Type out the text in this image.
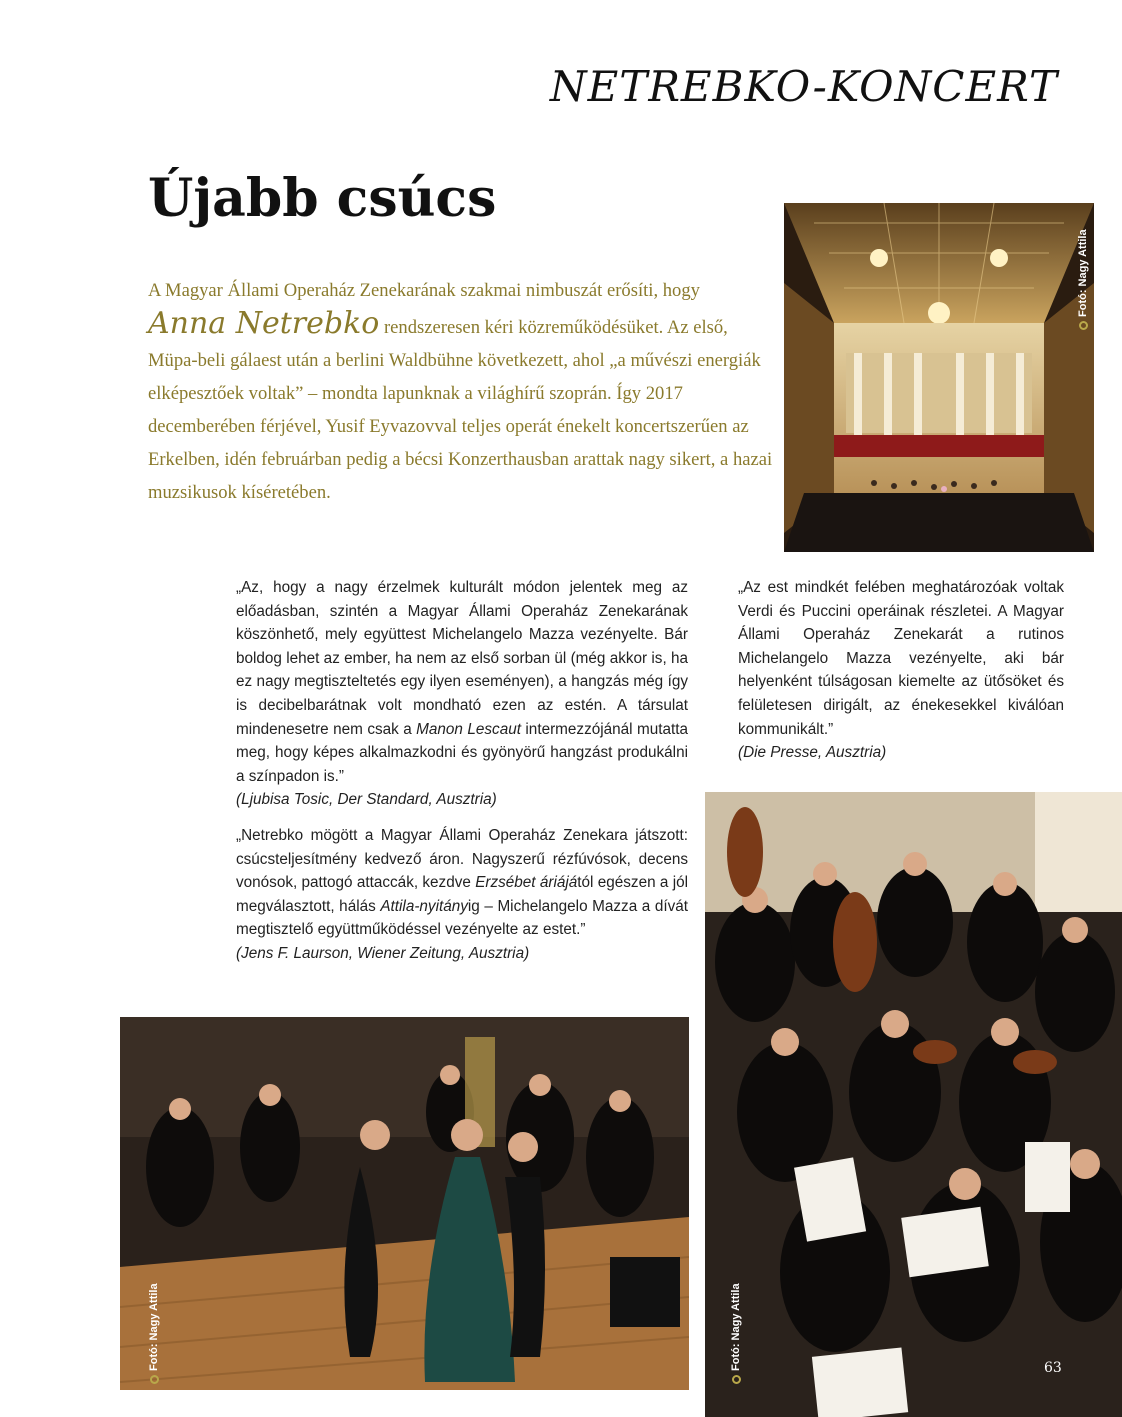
NETREBKO-KONCERT
Újabb csúcs

A Magyar Állami Operaház Zenekarának szakmai nimbuszát erősíti, hogy Anna Netrebko rendszeresen kéri közreműködésüket. Az első, Müpa-beli gálaest után a berlini Waldbühne következett, ahol „a művészi energiák elképesztőek voltak” – mondta lapunknak a világhírű szoprán. Így 2017 decemberében férjével, Yusif Eyvazovval teljes operát énekelt koncertszerűen az Erkelben, idén februárban pedig a bécsi Konzerthausban arattak nagy sikert, a hazai muzsikusok kíséretében.

„Az, hogy a nagy érzelmek kulturált módon jelentek meg az előadásban, szintén a Magyar Állami Operaház Zenekarának köszönhető, mely együttest Michelangelo Mazza vezényelte. Bár boldog lehet az ember, ha nem az első sorban ül (még akkor is, ha ez nagy megtiszteltetés egy ilyen eseményen), a hangzás még így is decibelbarátnak volt mondható ezen az estén. A társulat mindenesetre nem csak a Manon Lescaut intermezzójánál mutatta meg, hogy képes alkalmazkodni és gyönyörű hangzást produkálni a színpadon is.”
(Ljubisa Tosic, Der Standard, Ausztria)
„Netrebko mögött a Magyar Állami Operaház Zenekara játszott: csúcsteljesítmény kedvező áron. Nagyszerű rézfúvósok, decens vonósok, pattogó attaccák, kezdve Erzsébet áriájától egészen a jól megválasztott, hálás Attila-nyitányig – Michelangelo Mazza a dívát megtisztelő együttműködéssel vezényelte az estet.”
(Jens F. Laurson, Wiener Zeitung, Ausztria)
„Az est mindkét felében meghatározóak voltak Verdi és Puccini operáinak részletei. A Magyar Állami Operaház Zenekarát a rutinos Michelangelo Mazza vezényelte, aki bár helyenként túlságosan kiemelte az ütősöket és felületesen dirigált, az énekesekkel kiválóan kommunikált.”
(Die Presse, Ausztria)
Fotó: Nagy Attila
Fotó: Nagy Attila	Fotó: Nagy Attila	63
